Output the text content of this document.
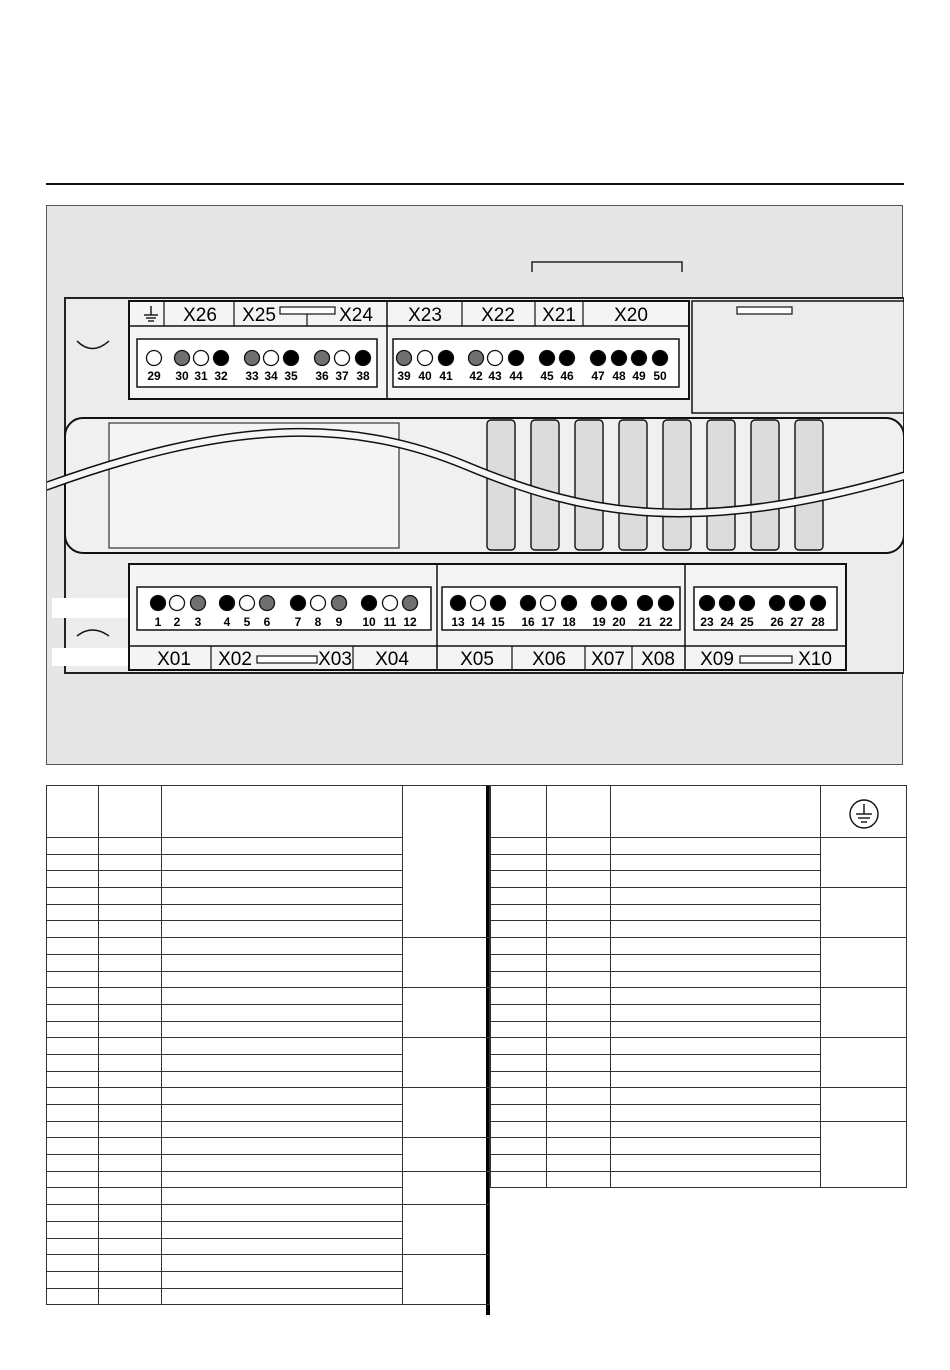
X26 X25	X24 X23 X22 X21 X20
X01 X02	X03 X04	X05 X06 X07 X08 X09	X10
29 30 31 32 33 34 35 36 37 38 39 40 41 42 43 44 45 46 47 48 49 50
1 2 3 4 5 6 7 8 9 10 11 12	13 14 15 16 17 18 19 20 21 22 23 24 25 26 27 28
